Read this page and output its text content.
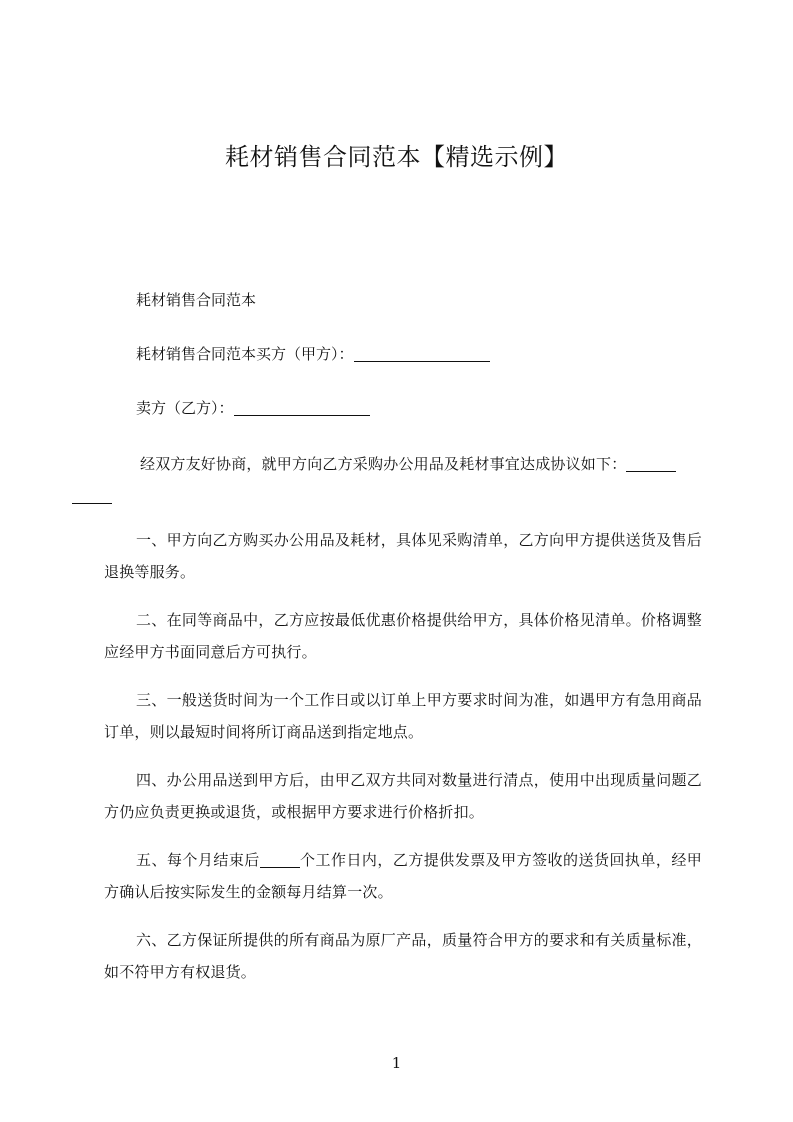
耗材销售合同范本【精选示例】
耗材销售合同范本
耗材销售合同范本买方（甲方）：
卖方（乙方）：
经双方友好协商，就甲方向乙方采购办公用品及耗材事宜达成协议如下：

一、甲方向乙方购买办公用品及耗材，具体见采购清单，乙方向甲方提供送货及售后退换等服务。
二、在同等商品中，乙方应按最低优惠价格提供给甲方，具体价格见清单。价格调整应经甲方书面同意后方可执行。
三、一般送货时间为一个工作日或以订单上甲方要求时间为准，如遇甲方有急用商品订单，则以最短时间将所订商品送到指定地点。
四、办公用品送到甲方后，由甲乙双方共同对数量进行清点，使用中出现质量问题乙方仍应负责更换或退货，或根据甲方要求进行价格折扣。
五、每个月结束后	个工作日内，乙方提供发票及甲方签收的送货回执单，经甲方确认后按实际发生的金额每月结算一次。
六、乙方保证所提供的所有商品为原厂产品，质量符合甲方的要求和有关质量标准，如不符甲方有权退货。
1
